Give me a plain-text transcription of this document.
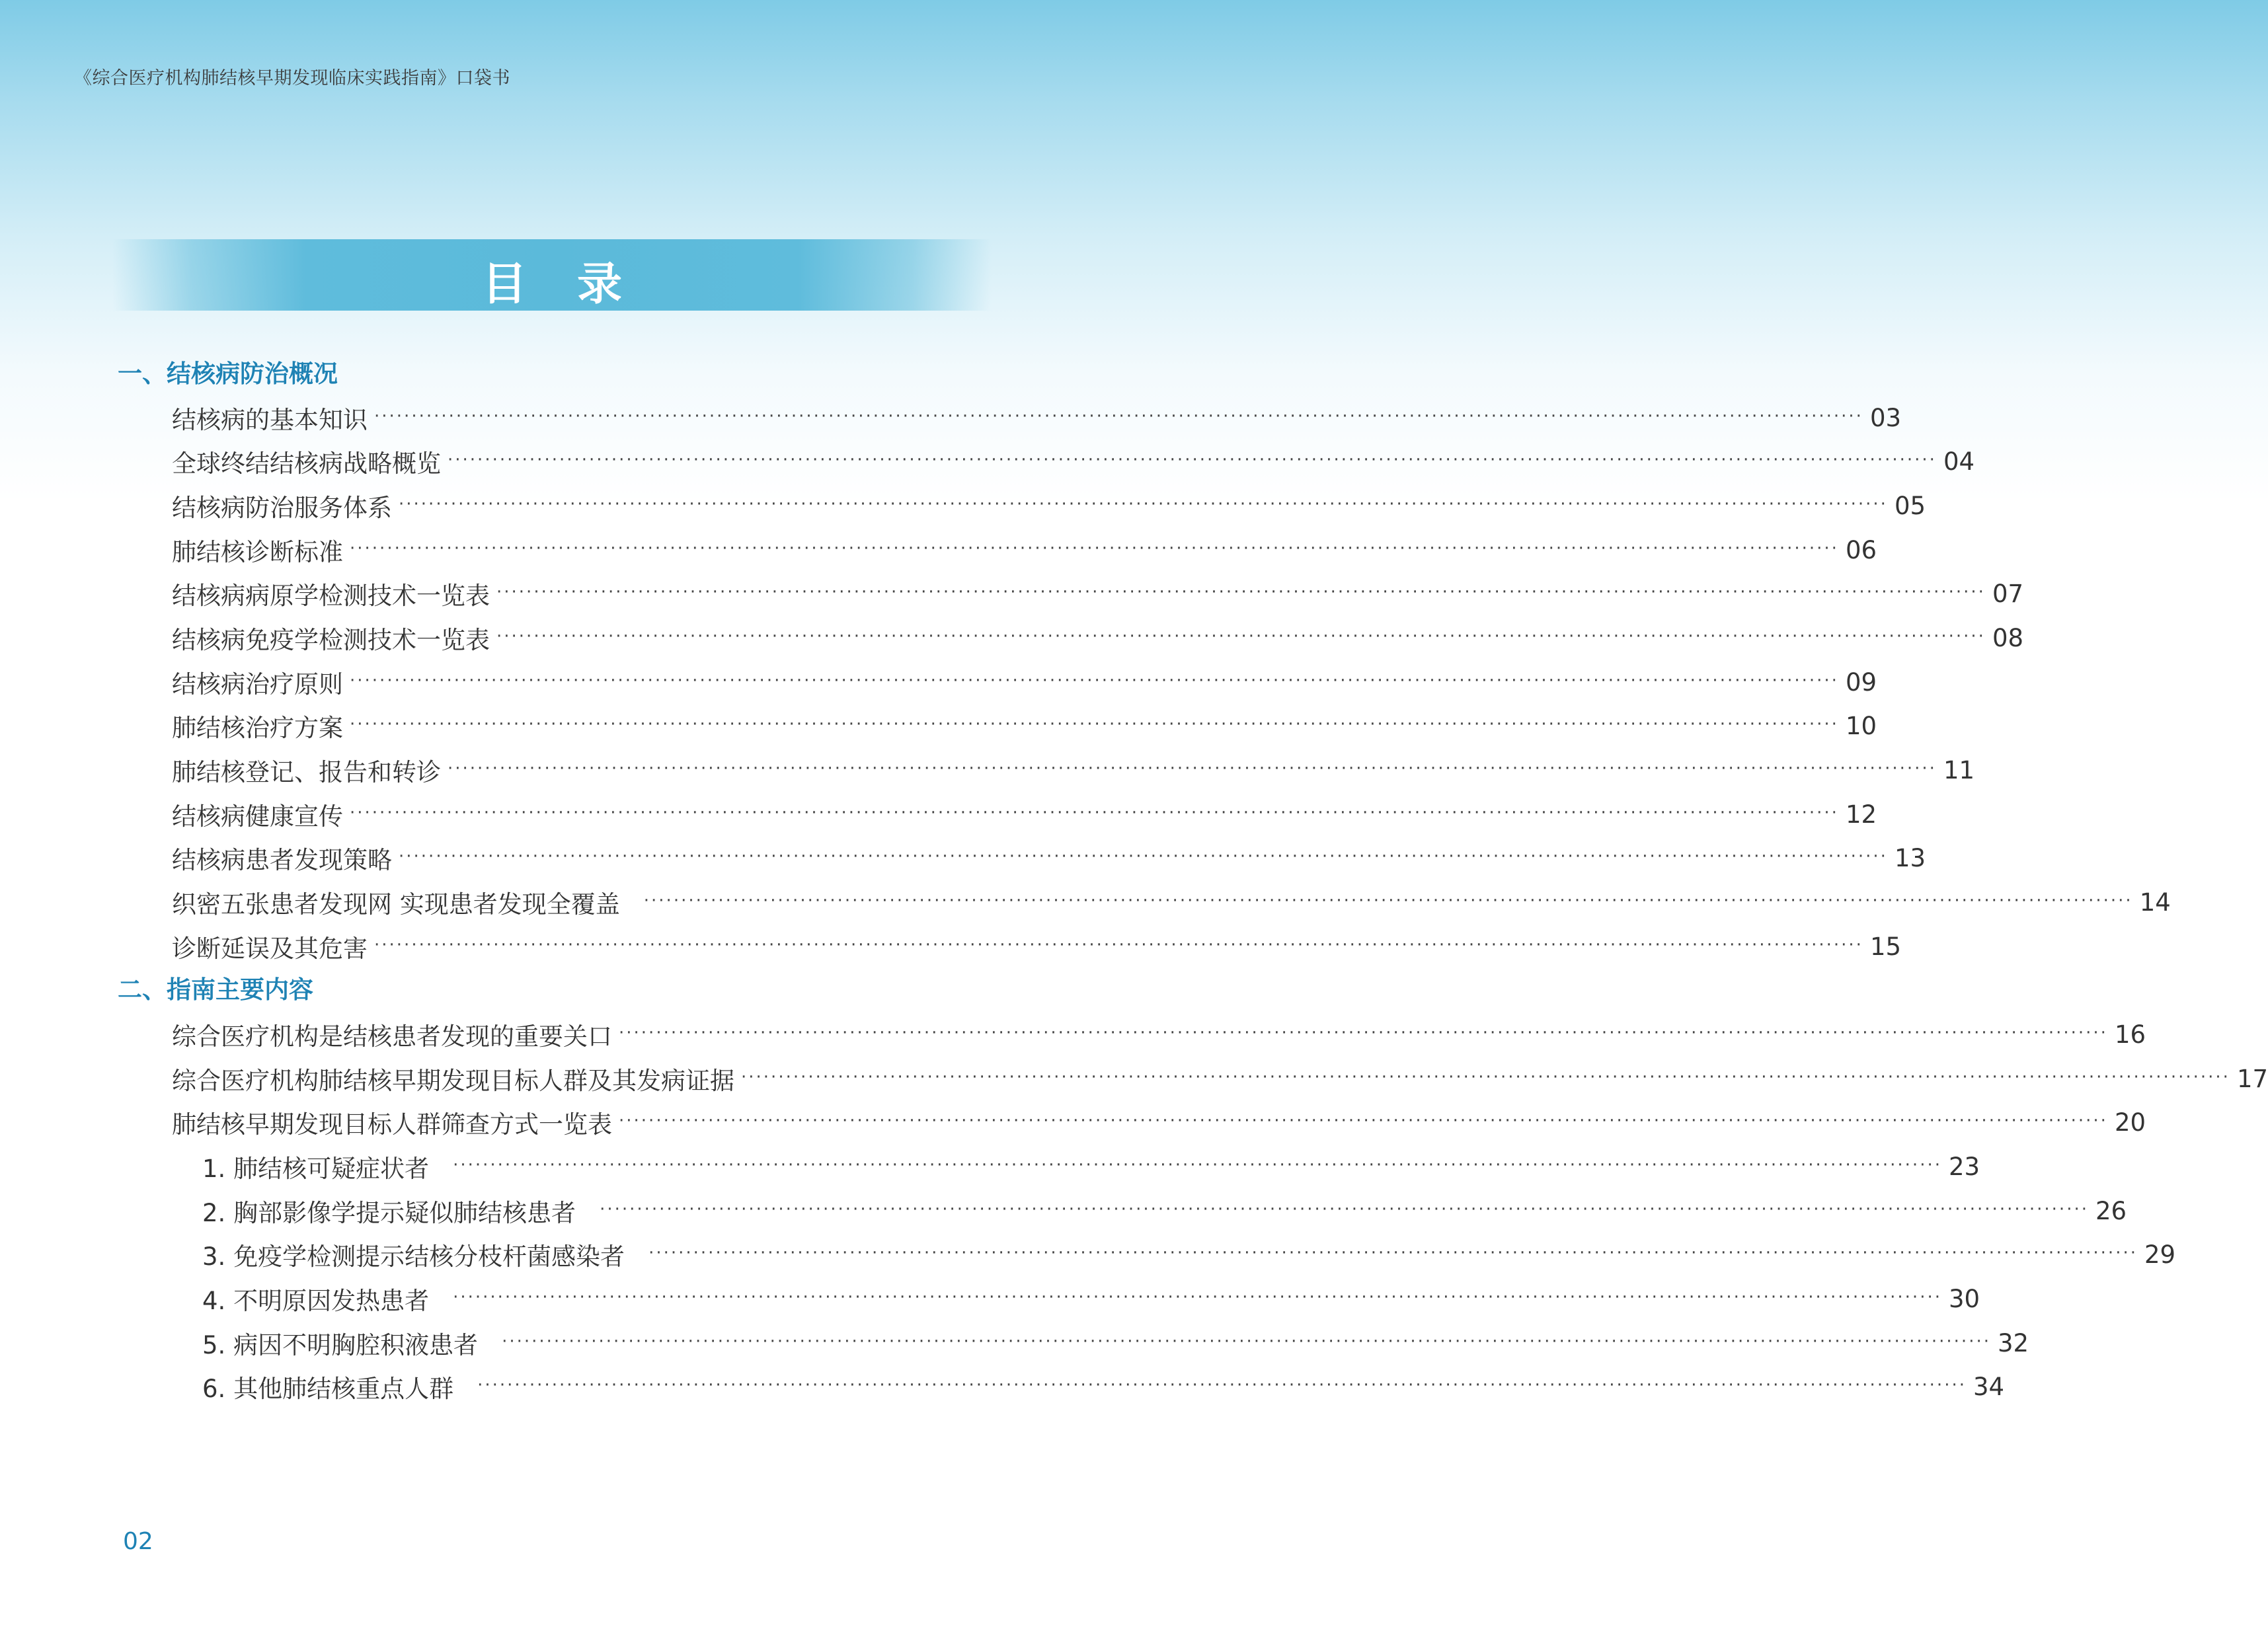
《综合医疗机构肺结核早期发现临床实践指南》口袋书
目录
一、结核病防治概况
结核病的基本知识 ········································································································································································································ 03
全球终结结核病战略概览 ········································································································································································································ 04
结核病防治服务体系 ········································································································································································································ 05
肺结核诊断标准 ········································································································································································································ 06
结核病病原学检测技术一览表 ········································································································································································································ 07
结核病免疫学检测技术一览表 ········································································································································································································ 08
结核病治疗原则 ········································································································································································································ 09
肺结核治疗方案 ········································································································································································································ 10
肺结核登记、报告和转诊 ········································································································································································································ 11
结核病健康宣传 ········································································································································································································ 12
结核病患者发现策略 ········································································································································································································ 13
织密五张患者发现网 实现患者发现全覆盖 ········································································································································································································ 14
诊断延误及其危害 ········································································································································································································ 15
二、指南主要内容
综合医疗机构是结核患者发现的重要关口 ········································································································································································································ 16
综合医疗机构肺结核早期发现目标人群及其发病证据 ········································································································································································································ 17
肺结核早期发现目标人群筛查方式一览表 ········································································································································································································ 20
1. 肺结核可疑症状者 ········································································································································································································ 23
2. 胸部影像学提示疑似肺结核患者 ········································································································································································································ 26
3. 免疫学检测提示结核分枝杆菌感染者 ········································································································································································································ 29
4. 不明原因发热患者 ········································································································································································································ 30
5. 病因不明胸腔积液患者 ········································································································································································································ 32
6. 其他肺结核重点人群 ········································································································································································································ 34
02
